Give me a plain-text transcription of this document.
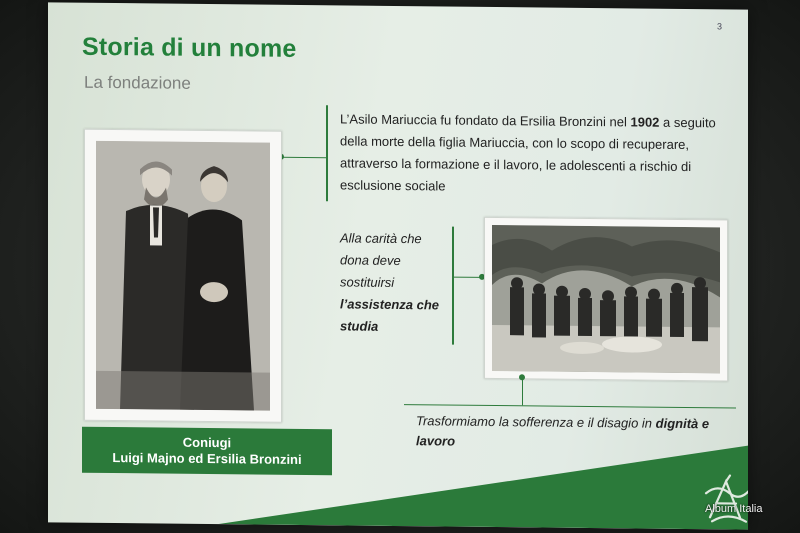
3
Storia di un nome
La fondazione
L’Asilo Mariuccia fu fondato da Ersilia Bronzini nel 1902 a seguito della morte della figlia Mariuccia, con lo scopo di recuperare, attraverso la formazione e il lavoro, le adolescenti a rischio di esclusione sociale
Coniugi
Luigi Majno ed Ersilia Bronzini
Alla carità che dona deve sostituirsi
l’assistenza che studia
Trasformiamo la sofferenza e il disagio in dignità e lavoro
Album Italia
